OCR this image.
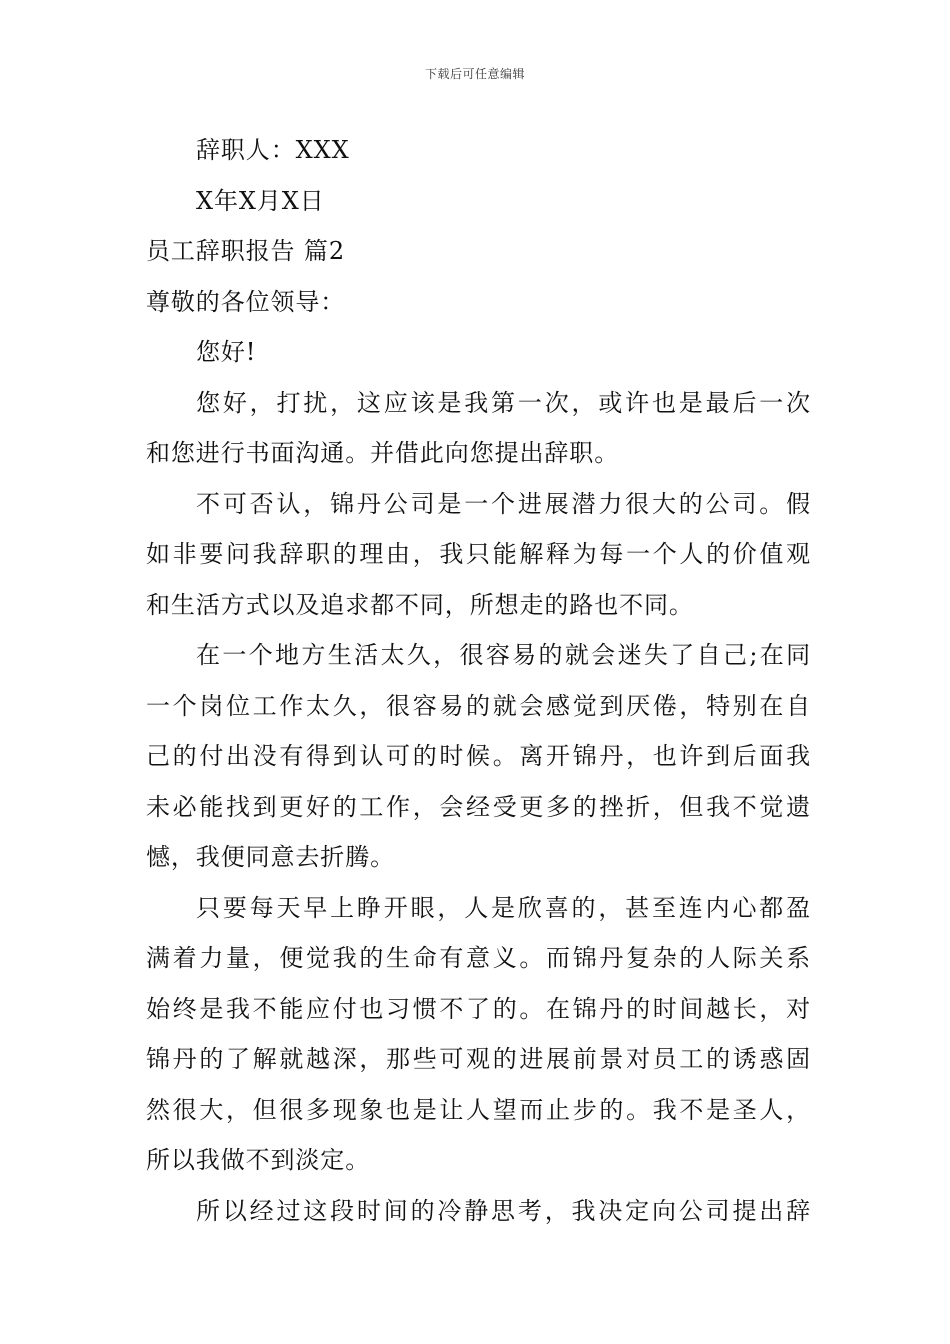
下载后可任意编辑
辞职人：XXX
X年X月X日
员工辞职报告 篇2
尊敬的各位领导：
您好!
您好，打扰，这应该是我第一次，或许也是最后一次
和您进行书面沟通。并借此向您提出辞职。
不可否认，锦丹公司是一个进展潜力很大的公司。假
如非要问我辞职的理由，我只能解释为每一个人的价值观
和生活方式以及追求都不同，所想走的路也不同。
在一个地方生活太久，很容易的就会迷失了自己;在同
一个岗位工作太久，很容易的就会感觉到厌倦，特别在自
己的付出没有得到认可的时候。离开锦丹，也许到后面我
未必能找到更好的工作，会经受更多的挫折，但我不觉遗
憾，我便同意去折腾。
只要每天早上睁开眼，人是欣喜的，甚至连内心都盈
满着力量，便觉我的生命有意义。而锦丹复杂的人际关系
始终是我不能应付也习惯不了的。在锦丹的时间越长，对
锦丹的了解就越深，那些可观的进展前景对员工的诱惑固
然很大，但很多现象也是让人望而止步的。我不是圣人，
所以我做不到淡定。
所以经过这段时间的冷静思考，我决定向公司提出辞
